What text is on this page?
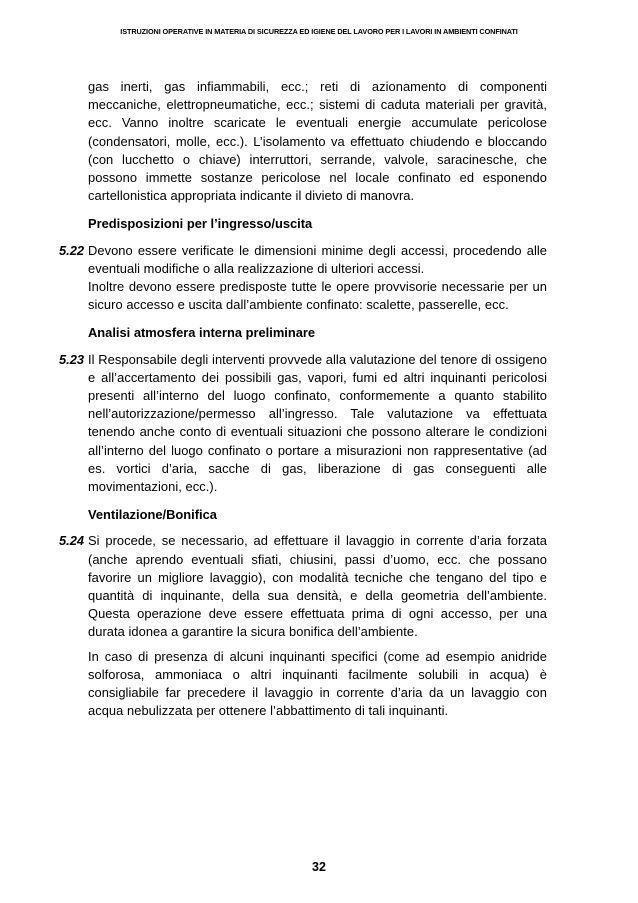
ISTRUZIONI OPERATIVE IN MATERIA DI SICUREZZA ED IGIENE DEL LAVORO PER I LAVORI IN AMBIENTI CONFINATI

gas inerti, gas infiammabili, ecc.; reti di azionamento di componenti meccaniche, elettropneumatiche, ecc.; sistemi di caduta materiali per gravità, ecc. Vanno inoltre scaricate le eventuali energie accumulate pericolose (condensatori, molle, ecc.). L’isolamento va effettuato chiudendo e bloccando (con lucchetto o chiave) interruttori, serrande, valvole, saracinesche, che possono immette sostanze pericolose nel locale confinato ed esponendo cartellonistica appropriata indicante il divieto di manovra.

Predisposizioni per l’ingresso/uscita
5.22 Devono essere verificate le dimensioni minime degli accessi, procedendo alle eventuali modifiche o alla realizzazione di ulteriori accessi.

Inoltre devono essere predisposte tutte le opere provvisorie necessarie per un sicuro accesso e uscita dall’ambiente confinato: scalette, passerelle, ecc.

Analisi atmosfera interna preliminare
5.23 Il Responsabile degli interventi provvede alla valutazione del tenore di ossigeno e all’accertamento dei possibili gas, vapori, fumi ed altri inquinanti pericolosi presenti all’interno del luogo confinato, conformemente a quanto stabilito nell’autorizzazione/permesso all’ingresso. Tale valutazione va effettuata tenendo anche conto di eventuali situazioni che possono alterare le condizioni all’interno del luogo confinato o portare a misurazioni non rappresentative (ad es. vortici d’aria, sacche di gas, liberazione di gas conseguenti alle movimentazioni, ecc.).

Ventilazione/Bonifica
5.24 Si procede, se necessario, ad effettuare il lavaggio in corrente d’aria forzata (anche aprendo eventuali sfiati, chiusini, passi d’uomo, ecc. che possano favorire un migliore lavaggio), con modalità tecniche che tengano del tipo e quantità di inquinante, della sua densità, e della geometria dell’ambiente. Questa operazione deve essere effettuata prima di ogni accesso, per una durata idonea a garantire la sicura bonifica dell’ambiente.

In caso di presenza di alcuni inquinanti specifici (come ad esempio anidride solforosa, ammoniaca o altri inquinanti facilmente solubili in acqua) è consigliabile far precedere il lavaggio in corrente d’aria da un lavaggio con acqua nebulizzata per ottenere l’abbattimento di tali inquinanti.

32
